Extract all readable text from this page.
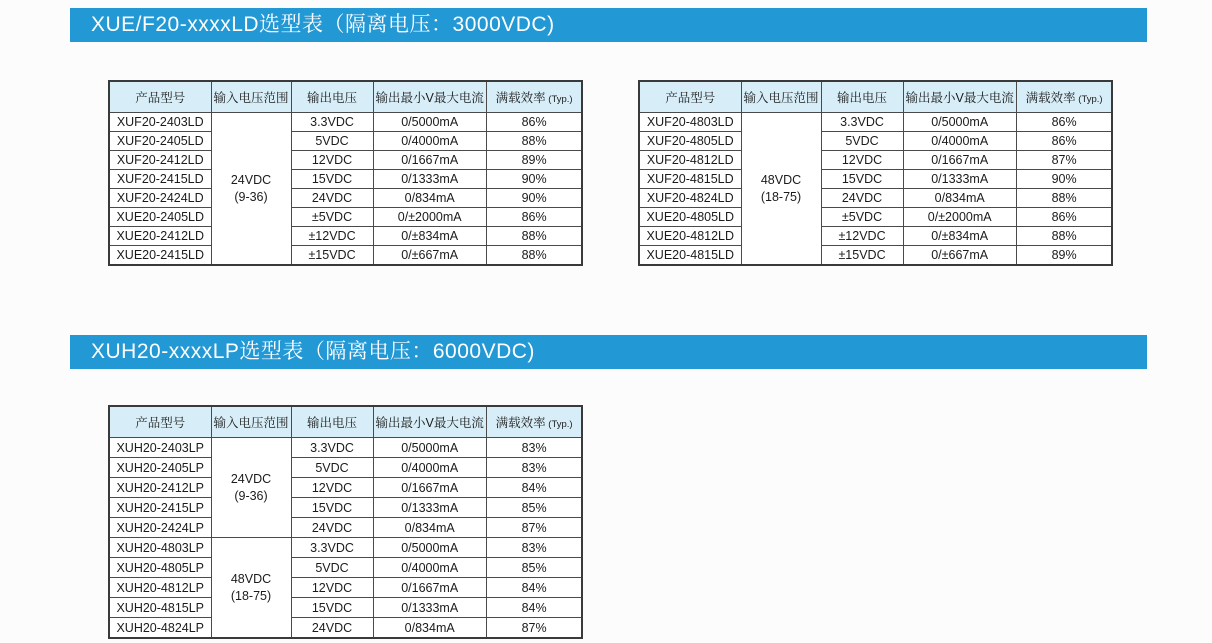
XUE/F20-xxxxLD选型表（隔离电压：3000VDC)
产品型号	输入电压范围	输出电压	输出最小V最大电流	满载效率 (Typ.)
XUF20-2403LD	24VDC
(9-36)	3.3VDC	0/5000mA	86%
XUF20-2405LD		5VDC	0/4000mA	88%
XUF20-2412LD		12VDC	0/1667mA	89%
XUF20-2415LD		15VDC	0/1333mA	90%
XUF20-2424LD		24VDC	0/834mA	90%
XUE20-2405LD		±5VDC	0/±2000mA	86%
XUE20-2412LD		±12VDC	0/±834mA	88%
XUE20-2415LD		±15VDC	0/±667mA	88%
产品型号	输入电压范围	输出电压	输出最小V最大电流	满载效率 (Typ.)
XUF20-4803LD	48VDC
(18-75)	3.3VDC	0/5000mA	86%
XUF20-4805LD		5VDC	0/4000mA	86%
XUF20-4812LD		12VDC	0/1667mA	87%
XUF20-4815LD		15VDC	0/1333mA	90%
XUF20-4824LD		24VDC	0/834mA	88%
XUE20-4805LD		±5VDC	0/±2000mA	86%
XUE20-4812LD		±12VDC	0/±834mA	88%
XUE20-4815LD		±15VDC	0/±667mA	89%
XUH20-xxxxLP选型表（隔离电压：6000VDC)
产品型号	输入电压范围	输出电压	输出最小V最大电流	满载效率 (Typ.)
XUH20-2403LP	24VDC
(9-36)	3.3VDC	0/5000mA	83%
XUH20-2405LP		5VDC	0/4000mA	83%
XUH20-2412LP		12VDC	0/1667mA	84%
XUH20-2415LP		15VDC	0/1333mA	85%
XUH20-2424LP		24VDC	0/834mA	87%
XUH20-4803LP	48VDC
(18-75)	3.3VDC	0/5000mA	83%
XUH20-4805LP		5VDC	0/4000mA	85%
XUH20-4812LP		12VDC	0/1667mA	84%
XUH20-4815LP		15VDC	0/1333mA	84%
XUH20-4824LP		24VDC	0/834mA	87%
